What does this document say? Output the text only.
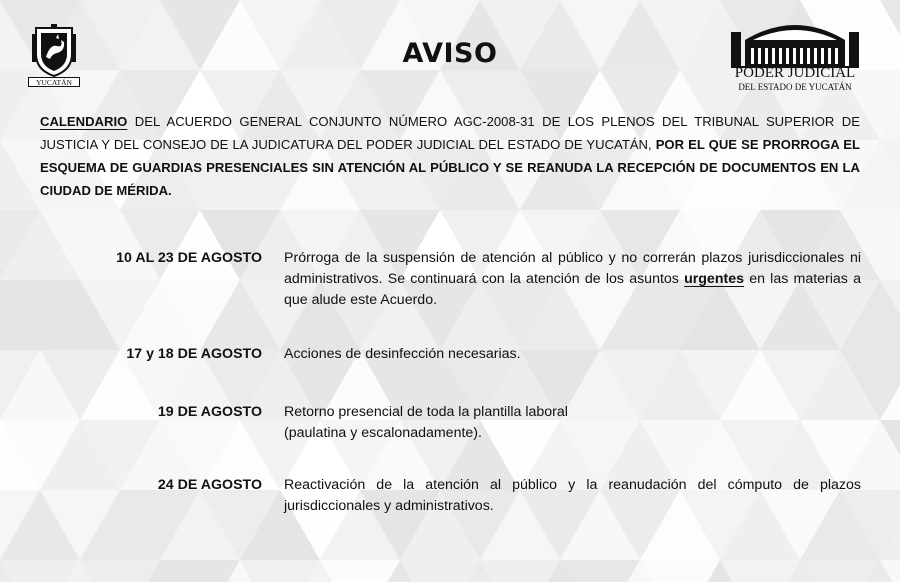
YUCATÁN
AVISO
PODER JUDICIAL
DEL ESTADO DE YUCATÁN
CALENDARIO DEL ACUERDO GENERAL CONJUNTO NÚMERO AGC-2008-31 DE LOS PLENOS DEL TRIBUNAL SUPERIOR DE JUSTICIA Y DEL CONSEJO DE LA JUDICATURA DEL PODER JUDICIAL DEL ESTADO DE YUCATÁN, POR EL QUE SE PRORROGA EL ESQUEMA DE GUARDIAS PRESENCIALES SIN ATENCIÓN AL PÚBLICO Y SE REANUDA LA RECEPCIÓN DE DOCUMENTOS EN LA CIUDAD DE MÉRIDA.
10 AL 23 DE AGOSTO Prórroga de la suspensión de atención al público y no correrán plazos jurisdiccionales ni administrativos. Se continuará con la atención de los asuntos urgentes en las materias a que alude este Acuerdo.
17 y 18 DE AGOSTO Acciones de desinfección necesarias.
19 DE AGOSTO Retorno presencial de toda la plantilla laboral
(paulatina y escalonadamente).
24 DE AGOSTO Reactivación de la atención al público y la reanudación del cómputo de plazos jurisdiccionales y administrativos.
